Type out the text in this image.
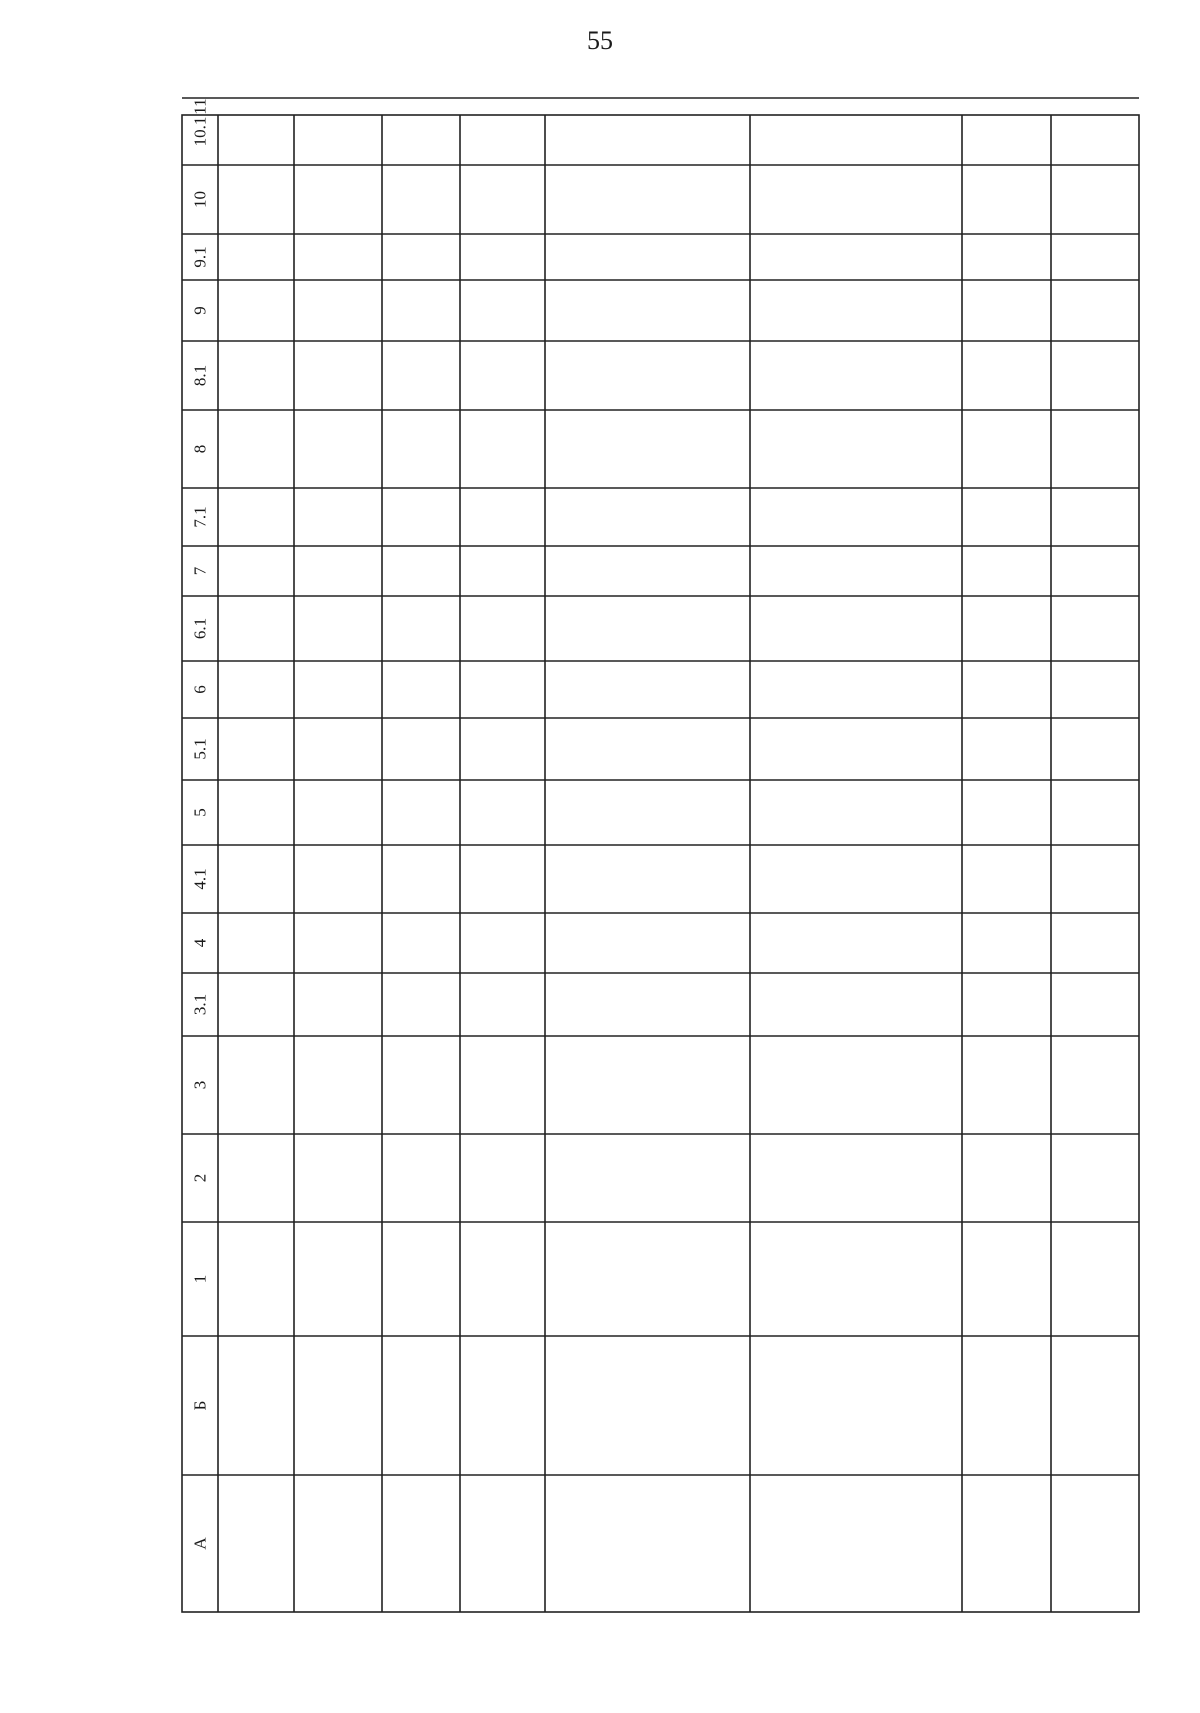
55
A
Б
1
2
3
3.1
4
4.1
5
5.1
6
6.1
7
7.1
8
8.1
9
9.1
10
10.1
11
